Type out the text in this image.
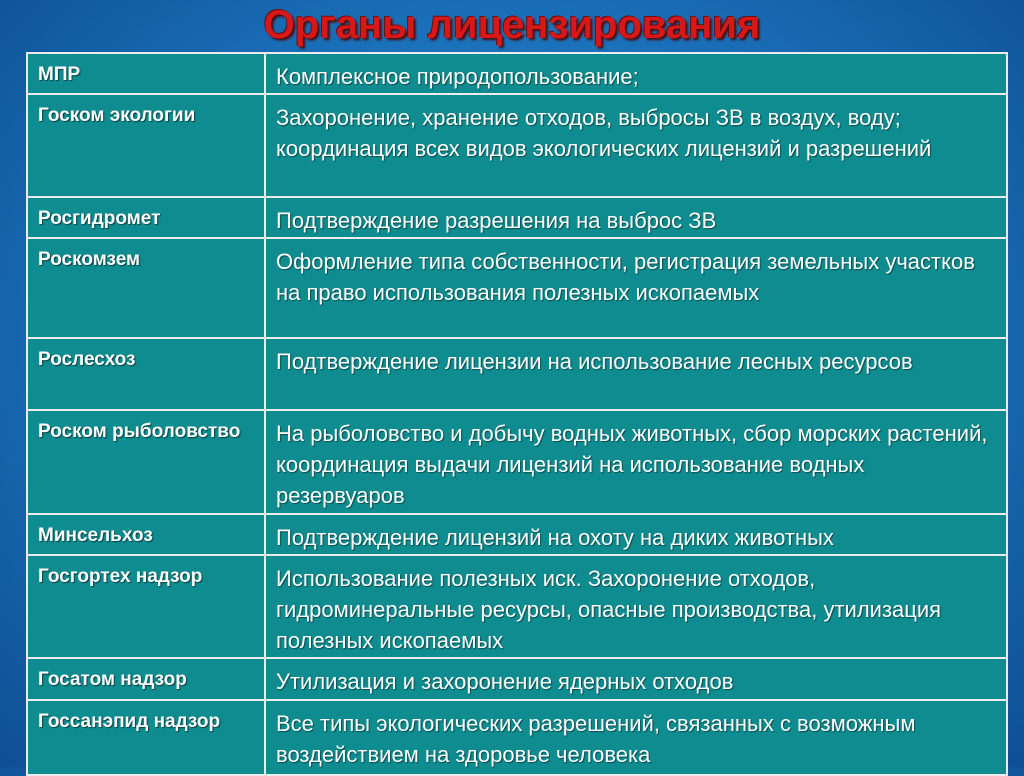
Органы лицензирования
МПР	Комплексное природопользование;
Госком экологии	Захоронение, хранение отходов, выбросы ЗВ в воздух, воду; координация всех видов экологических лицензий и разрешений
Росгидромет	Подтверждение разрешения на выброс ЗВ
Роскомзем	Оформление типа собственности, регистрация земельных участков на право использования полезных ископаемых
Рослесхоз	Подтверждение лицензии на использование лесных ресурсов
Роском рыболовство	На рыболовство и добычу водных животных, сбор морских растений, координация выдачи лицензий на использование водных резервуаров
Минсельхоз	Подтверждение лицензий на охоту на диких животных
Госгортех надзор	Использование полезных иск. Захоронение отходов, гидроминеральные ресурсы, опасные производства, утилизация полезных ископаемых
Госатом надзор	Утилизация и захоронение ядерных отходов
Госсанэпид надзор	Все типы экологических разрешений, связанных с возможным воздействием на здоровье человека
